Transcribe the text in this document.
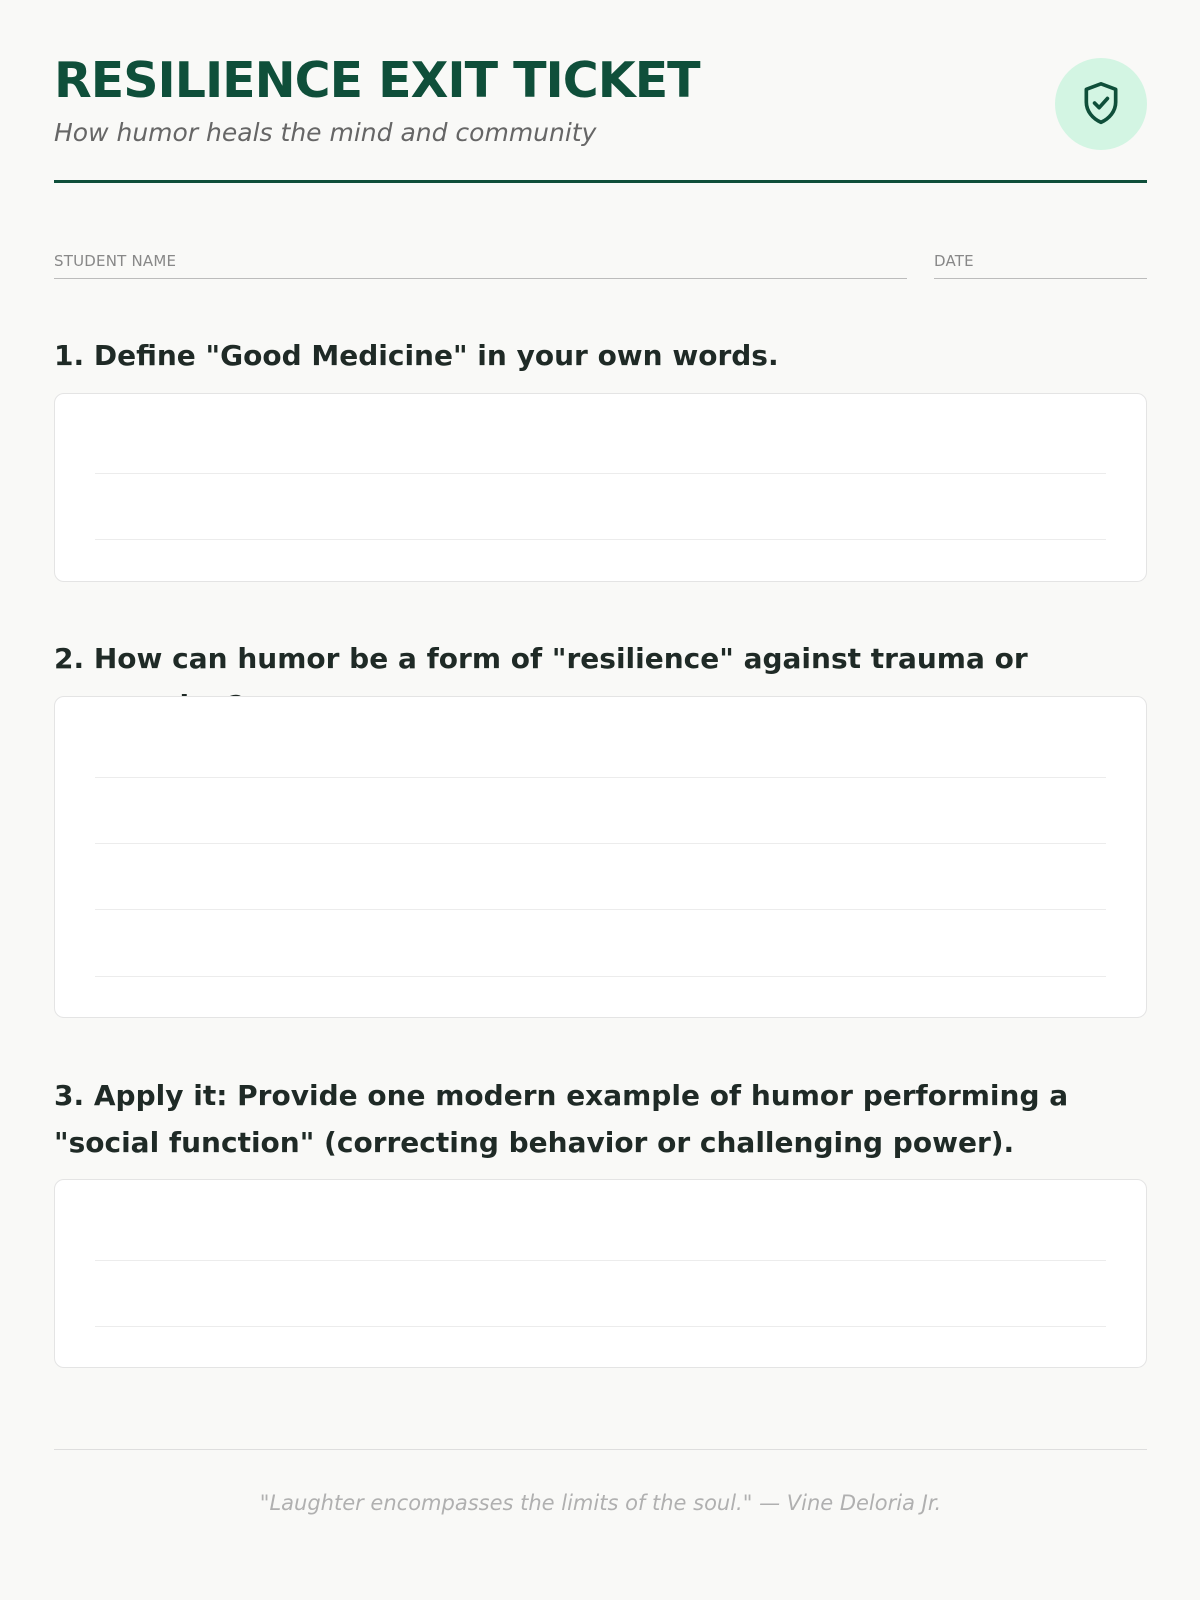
RESILIENCE EXIT TICKET
How humor heals the mind and community
STUDENT NAME	DATE

1. Define "Good Medicine" in your own words.

2. How can humor be a form of "resilience" against trauma or

3. Apply it: Provide one modern example of humor performing a "social function" (correcting behavior or challenging power).

"Laughter encompasses the limits of the soul." — Vine Deloria Jr.
